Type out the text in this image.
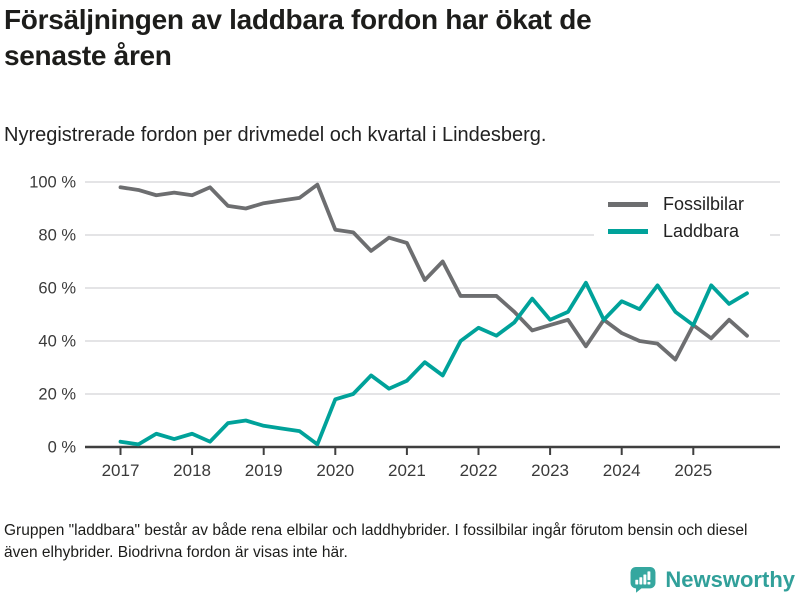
Försäljningen av laddbara fordon har ökat de senaste åren

Nyregistrerade fordon per drivmedel och kvartal i Lindesberg.

0 %
20 %
40 %
60 %
80 %
100 %
2017 2018 2019 2020 2021 2022 2023 2024 2025
Fossilbilar
Laddbara

Gruppen "laddbara" består av både rena elbilar och laddhybrider. I fossilbilar ingår förutom bensin och diesel även elhybrider. Biodrivna fordon är visas inte här.

Newsworthy
